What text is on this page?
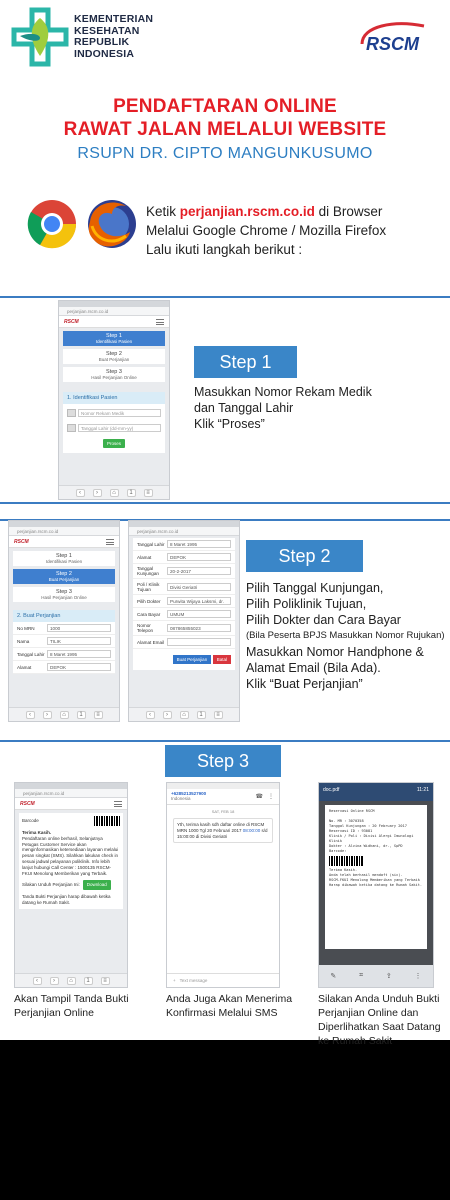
KEMENTERIAN
KESEHATAN
REPUBLIK
INDONESIA	RSCM
PENDAFTARAN ONLINE
RAWAT JALAN MELALUI WEBSITE
RSUPN DR. CIPTO MANGUNKUSUMO
Ketik perjanjian.rscm.co.id di Browser
Melalui Google Chrome / Mozilla Firefox
Lalu ikuti langkah berikut :
perjanjian.rscm.co.id
RSCM
Step 1
Identifikasi Pasien
Step 2
Buat Perjanjian
Step 3
Hasil Perjanjian Online
1. Identifikasi Pasien
Nomor Rekam Medik
Tanggal Lahir (dd-mm-yy)
Proses
‹	›	⌂	1	≡
Step 1
Masukkan Nomor Rekam Medik
dan Tanggal Lahir
Klik “Proses”
perjanjian.rscm.co.id
RSCM
Step 1
Identifikasi Pasien
Step 2
Buat Perjanjian
Step 3
Hasil Perjanjian Online
2. Buat Perjanjian
No MRN	1000
Nama	TILIK
Tanggal Lahir	8 Maret 1995
Alamat	DEPOK
‹	›	⌂	1	≡
perjanjian.rscm.co.id
Tanggal Lahir	8 Maret 1995
Alamat	DEPOK
Tanggal Kunjungan	20-2-2017
Poli / Klinik Tujuan	Divisi Geriatri
Pilih Dokter	Purwita Wijaya Laksmi, dr.
Cara Bayar	UMUM
Nomor Telepon	087865855023
Alamat Email
Buat Perjanjian Batal
‹	›	⌂	1	≡
Step 2
Pilih Tanggal Kunjungan,
Pilih Poliklinik Tujuan,
Pilih Dokter dan Cara Bayar
(Bila Peserta BPJS Masukkan Nomor Rujukan)
Masukkan Nomor Handphone &
Alamat Email (Bila Ada).
Klik “Buat Perjanjian”
Step 3
perjanjian.rscm.co.id
RSCM
Barcode
Terima Kasih.
Pendaftaran online berhasil, Selanjutnya Petugas Customer Service akan menginformasikan ketersediaan layanan melalui pesan singkat (SMS). Silahkan lakukan check in sesuai jadwal pelayanan poliklinik. Info lebih lanjut hubungi Call Center : 1500135 RSCM-FKUI Menolong Memberikan yang Terbaik.
Silakan Unduh Perjanjian Ini:	Download
Tanda Bukti Perjanjian harap dibawah ketika datang ke Rumah Sakit.
‹	›	⌂	1	≡
+6285213527900
Indonesia	☎ ⋮
SAT, FEB 18
Yth, terima kasih sdh daftar online di RSCM MRN 1000 Tgl 20 Februari 2017 08:00:00 s/d 15:00:00 di Divisi Geriatri
+ Text message
doc.pdf	11:21
Reservasi Online RSCM

No. MR : 3070358
Tanggal Kunjungan : 20 February 2017
Reservasi ID : 93081
Klinik / Poli : Divisi Alergi Imunologi Klinik
Dokter : Alvina Widhani, dr., SpPD
Barcode:
Terima Kasih.
Anda telah berhasil mendaft (sic).
RSCM-FKUI Menolong Memberikan yang Terbaik
Harap dibawah ketika datang ke Rumah Sakit.
✎	⌗	⇪	⋮
Akan Tampil Tanda Bukti
Perjanjian Online
Anda Juga Akan Menerima
Konfirmasi Melalui SMS
Silakan Anda Unduh Bukti
Perjanjian Online dan
Diperlihatkan Saat Datang
ke Rumah Sakit
